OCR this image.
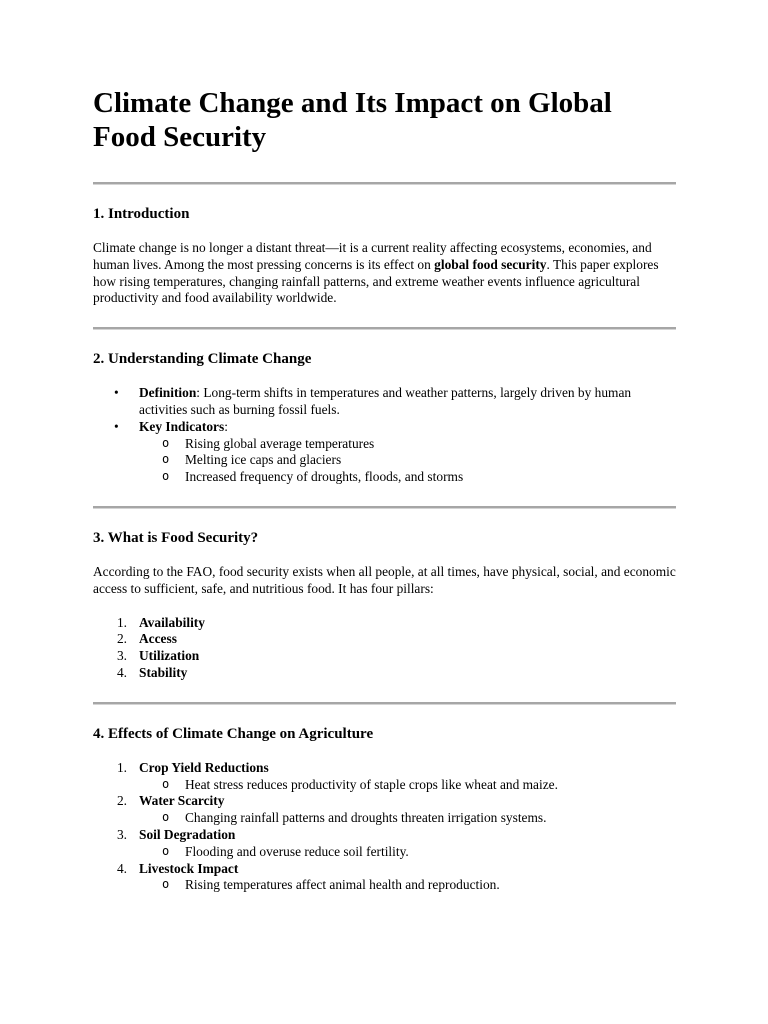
Climate Change and Its Impact on Global Food Security
1. Introduction

Climate change is no longer a distant threat—it is a current reality affecting ecosystems, economies, and human lives. Among the most pressing concerns is its effect on global food security. This paper explores how rising temperatures, changing rainfall patterns, and extreme weather events influence agricultural productivity and food availability worldwide.

2. Understanding Climate Change
• Definition: Long-term shifts in temperatures and weather patterns, largely driven by human activities such as burning fossil fuels.
• Key Indicators:
o Rising global average temperatures
o Melting ice caps and glaciers
o Increased frequency of droughts, floods, and storms
3. What is Food Security?

According to the FAO, food security exists when all people, at all times, have physical, social, and economic access to sufficient, safe, and nutritious food. It has four pillars:

1. Availability
2. Access
3. Utilization
4. Stability
4. Effects of Climate Change on Agriculture
1. Crop Yield Reductions
o Heat stress reduces productivity of staple crops like wheat and maize.
2. Water Scarcity
o Changing rainfall patterns and droughts threaten irrigation systems.
3. Soil Degradation
o Flooding and overuse reduce soil fertility.
4. Livestock Impact
o Rising temperatures affect animal health and reproduction.
